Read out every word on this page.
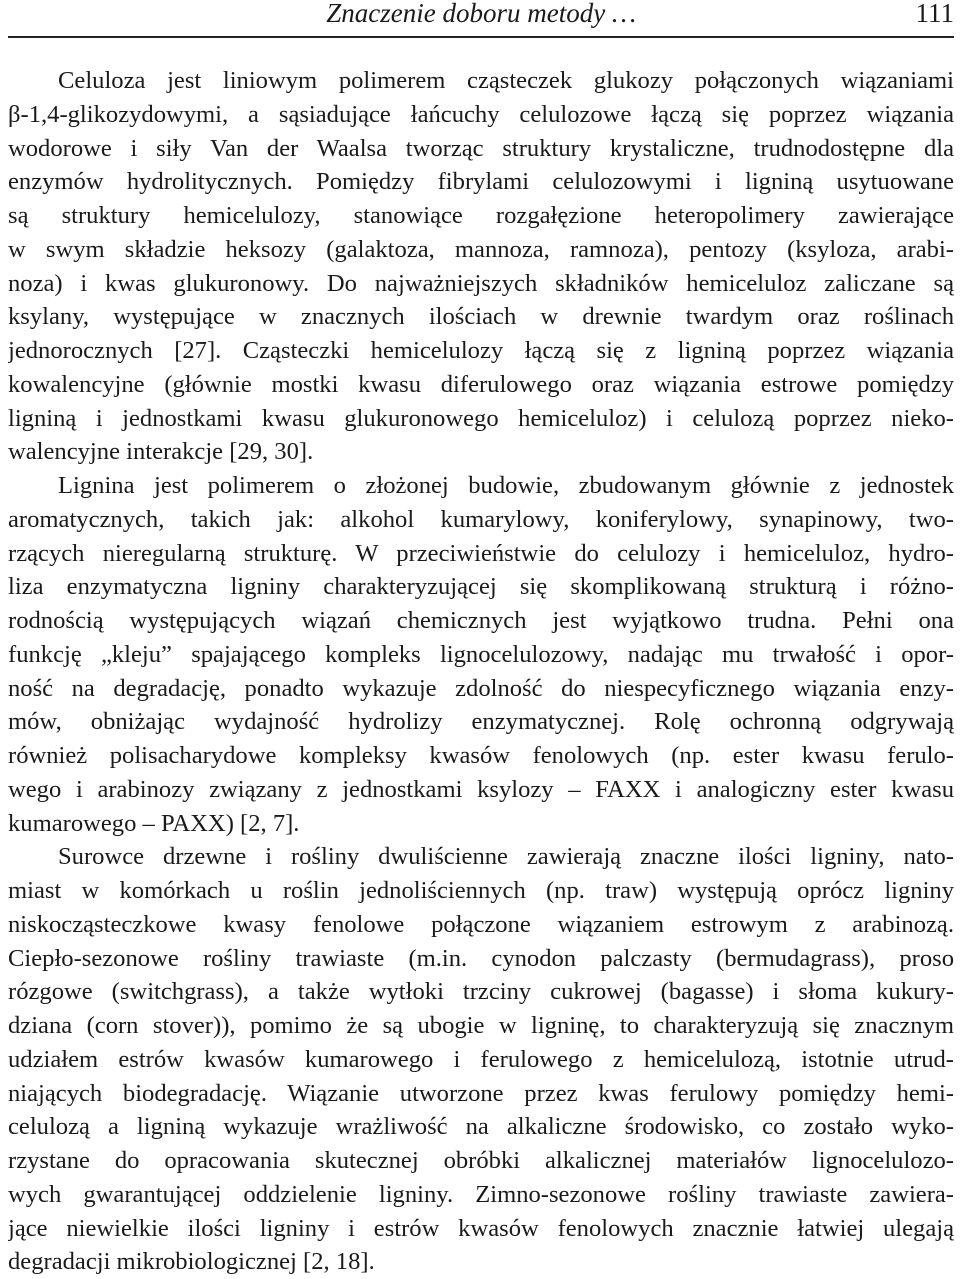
Znaczenie doboru metody …	111
Celuloza jest liniowym polimerem cząsteczek glukozy połączonych wiązaniami
β-1,4-glikozydowymi, a sąsiadujące łańcuchy celulozowe łączą się poprzez wiązania
wodorowe i siły Van der Waalsa tworząc struktury krystaliczne, trudnodostępne dla
enzymów hydrolitycznych. Pomiędzy fibrylami celulozowymi i ligniną usytuowane
są struktury hemicelulozy, stanowiące rozgałęzione heteropolimery zawierające
w swym składzie heksozy (galaktoza, mannoza, ramnoza), pentozy (ksyloza, arabi-
noza) i kwas glukuronowy. Do najważniejszych składników hemiceluloz zaliczane są
ksylany, występujące w znacznych ilościach w drewnie twardym oraz roślinach
jednorocznych [27]. Cząsteczki hemicelulozy łączą się z ligniną poprzez wiązania
kowalencyjne (głównie mostki kwasu diferulowego oraz wiązania estrowe pomiędzy
ligniną i jednostkami kwasu glukuronowego hemiceluloz) i celulozą poprzez nieko-
walencyjne interakcje [29, 30].
Lignina jest polimerem o złożonej budowie, zbudowanym głównie z jednostek
aromatycznych, takich jak: alkohol kumarylowy, koniferylowy, synapinowy, two-
rzących nieregularną strukturę. W przeciwieństwie do celulozy i hemiceluloz, hydro-
liza enzymatyczna ligniny charakteryzującej się skomplikowaną strukturą i różno-
rodnością występujących wiązań chemicznych jest wyjątkowo trudna. Pełni ona
funkcję „kleju” spajającego kompleks lignocelulozowy, nadając mu trwałość i opor-
ność na degradację, ponadto wykazuje zdolność do niespecyficznego wiązania enzy-
mów, obniżając wydajność hydrolizy enzymatycznej. Rolę ochronną odgrywają
również polisacharydowe kompleksy kwasów fenolowych (np. ester kwasu ferulo-
wego i arabinozy związany z jednostkami ksylozy – FAXX i analogiczny ester kwasu
kumarowego – PAXX) [2, 7].
Surowce drzewne i rośliny dwuliścienne zawierają znaczne ilości ligniny, nato-
miast w komórkach u roślin jednoliściennych (np. traw) występują oprócz ligniny
niskocząsteczkowe kwasy fenolowe połączone wiązaniem estrowym z arabinozą.
Ciepło-sezonowe rośliny trawiaste (m.in. cynodon palczasty (bermudagrass), proso
rózgowe (switchgrass), a także wytłoki trzciny cukrowej (bagasse) i słoma kukury-
dziana (corn stover)), pomimo że są ubogie w ligninę, to charakteryzują się znacznym
udziałem estrów kwasów kumarowego i ferulowego z hemicelulozą, istotnie utrud-
niających biodegradację. Wiązanie utworzone przez kwas ferulowy pomiędzy hemi-
celulozą a ligniną wykazuje wrażliwość na alkaliczne środowisko, co zostało wyko-
rzystane do opracowania skutecznej obróbki alkalicznej materiałów lignocelulozo-
wych gwarantującej oddzielenie ligniny. Zimno-sezonowe rośliny trawiaste zawiera-
jące niewielkie ilości ligniny i estrów kwasów fenolowych znacznie łatwiej ulegają
degradacji mikrobiologicznej [2, 18].
